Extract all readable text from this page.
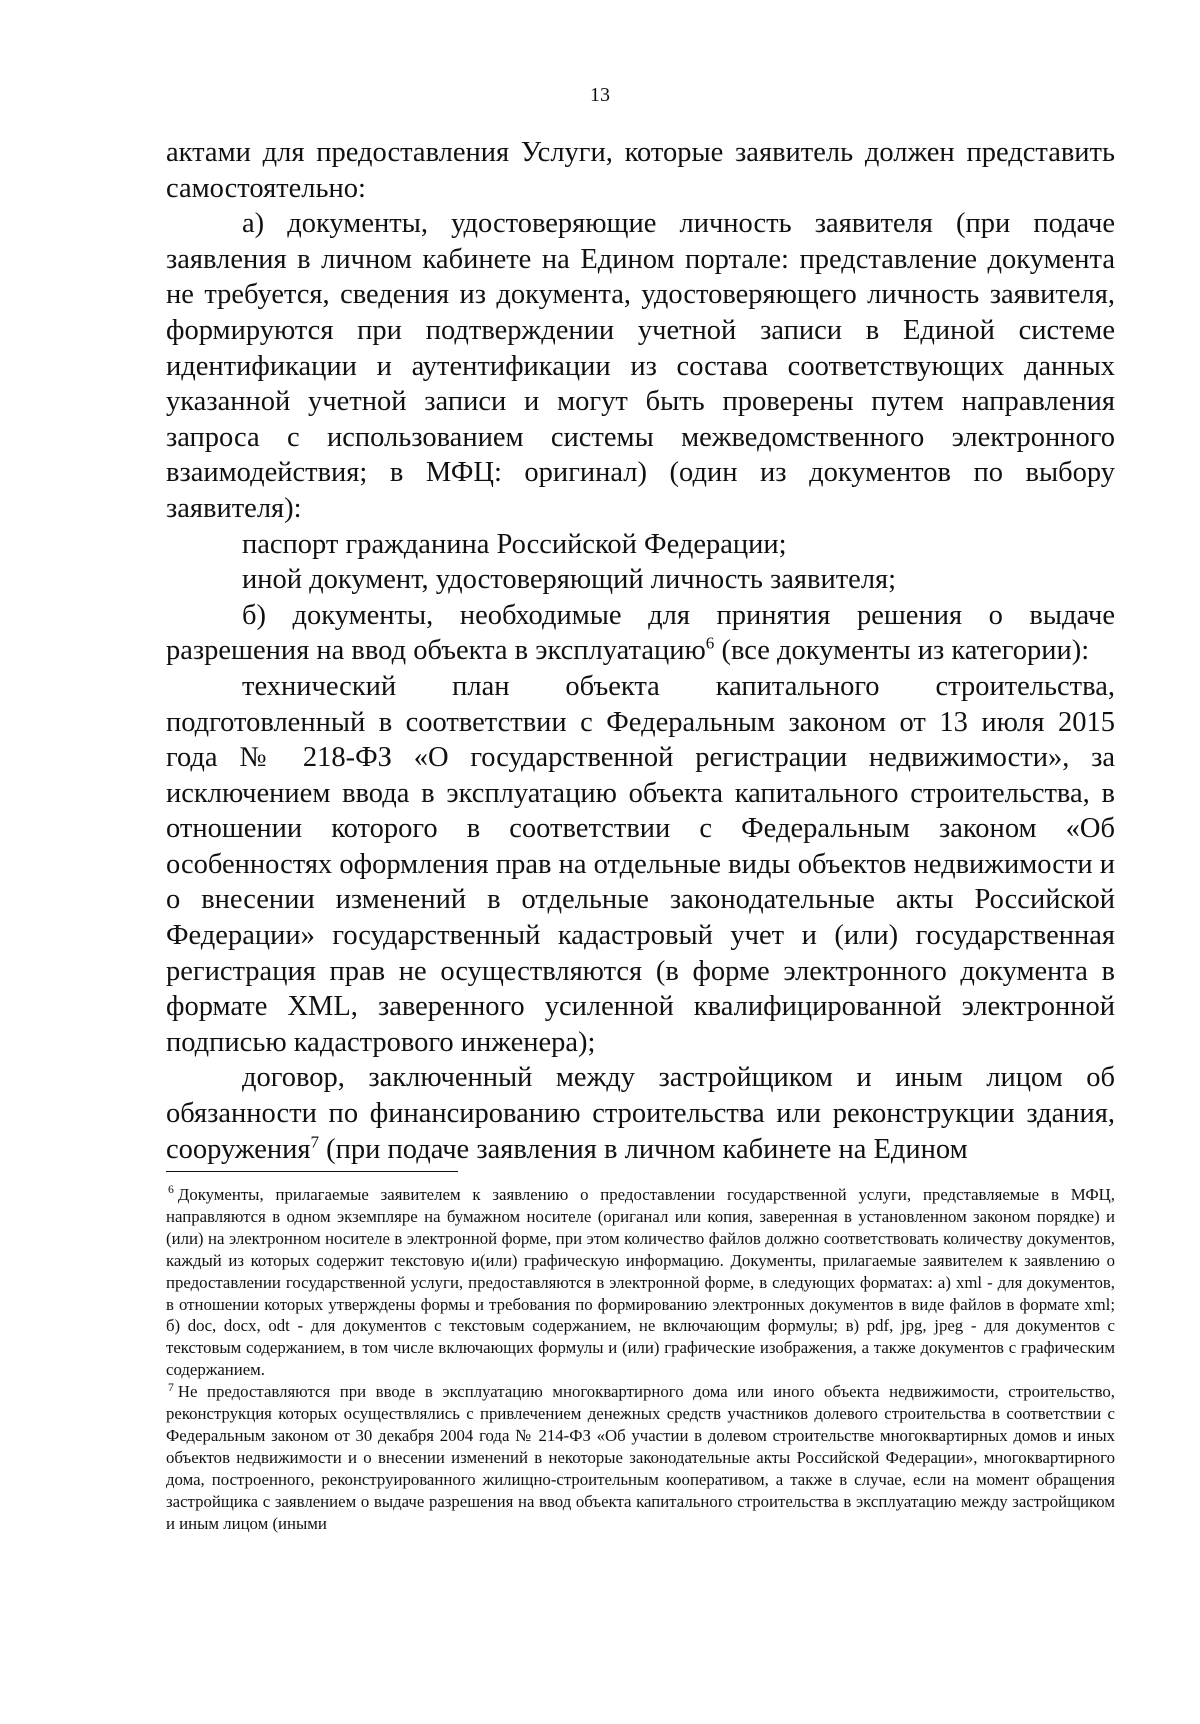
13

актами для предоставления Услуги, которые заявитель должен представить самостоятельно:

а) документы, удостоверяющие личность заявителя (при подаче заявления в личном кабинете на Едином портале: представление документа не требуется, сведения из документа, удостоверяющего личность заявителя, формируются при подтверждении учетной записи в Единой системе идентификации и аутентификации из состава соответствующих данных указанной учетной записи и могут быть проверены путем направления запроса с использованием системы межведомственного электронного взаимодействия; в МФЦ: оригинал) (один из документов по выбору заявителя):

паспорт гражданина Российской Федерации;

иной документ, удостоверяющий личность заявителя;

б) документы, необходимые для принятия решения о выдаче разрешения на ввод объекта в эксплуатацию$^6$ (все документы из категории):

технический план объекта капитального строительства, подготовленный в соответствии с Федеральным законом от 13 июля 2015 года № 218-ФЗ «О государственной регистрации недвижимости», за исключением ввода в эксплуатацию объекта капитального строительства, в отношении которого в соответствии с Федеральным законом «Об особенностях оформления прав на отдельные виды объектов недвижимости и о внесении изменений в отдельные законодательные акты Российской Федерации» государственный кадастровый учет и (или) государственная регистрация прав не осуществляются (в форме электронного документа в формате XML, заверенного усиленной квалифицированной электронной подписью кадастрового инженера);

договор, заключенный между застройщиком и иным лицом об обязанности по финансированию строительства или реконструкции здания, сооружения$^7$ (при подаче заявления в личном кабинете на Едином

$^6$ Документы, прилагаемые заявителем к заявлению о предоставлении государственной услуги, представляемые в МФЦ, направляются в одном экземпляре на бумажном носителе (ориганал или копия, заверенная в установленном законом порядке) и (или) на электронном носителе в электронной форме, при этом количество файлов должно соответствовать количеству документов, каждый из которых содержит текстовую и(или) графическую информацию. Документы, прилагаемые заявителем к заявлению о предоставлении государственной услуги, предоставляются в электронной форме, в следующих форматах: а) xml - для документов, в отношении которых утверждены формы и требования по формированию электронных документов в виде файлов в формате xml; б) doc, docx, odt - для документов с текстовым содержанием, не включающим формулы; в) pdf, jpg, jpeg - для документов с текстовым содержанием, в том числе включающих формулы и (или) графические изображения, а также документов с графическим содержанием.

$^7$ Не предоставляются при вводе в эксплуатацию многоквартирного дома или иного объекта недвижимости, строительство, реконструкция которых осуществлялись с привлечением денежных средств участников долевого строительства в соответствии с Федеральным законом от 30 декабря 2004 года № 214-ФЗ «Об участии в долевом строительстве многоквартирных домов и иных объектов недвижимости и о внесении изменений в некоторые законодательные акты Российской Федерации», многоквартирного дома, построенного, реконструированного жилищно-строительным кооперативом, а также в случае, если на момент обращения застройщика с заявлением о выдаче разрешения на ввод объекта капитального строительства в эксплуатацию между застройщиком и иным лицом (иными
